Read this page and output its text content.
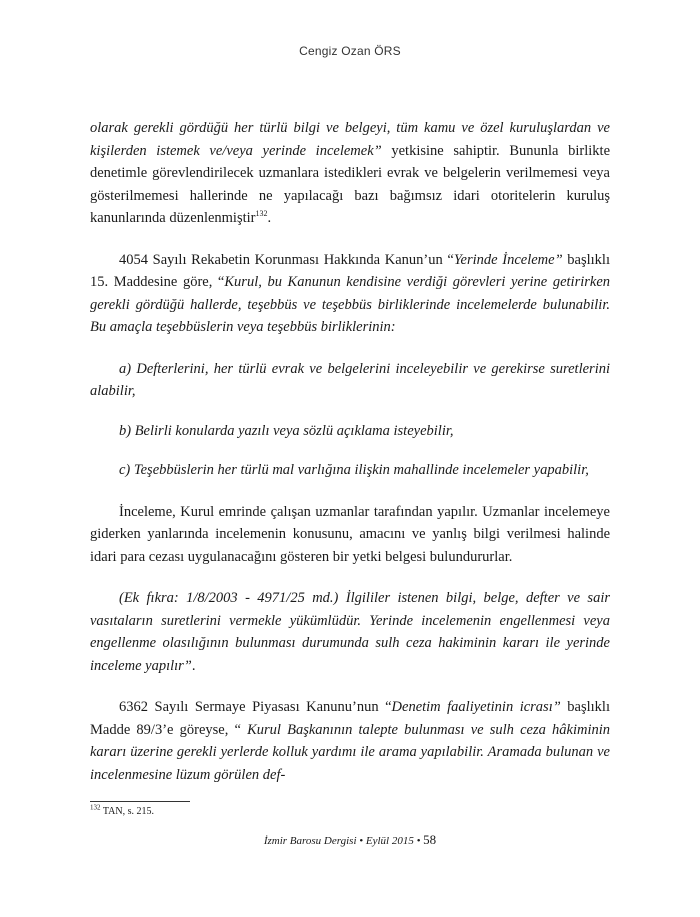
Cengiz Ozan ÖRS

olarak gerekli gördüğü her türlü bilgi ve belgeyi, tüm kamu ve özel kuruluşlardan ve kişilerden istemek ve/veya yerinde incelemek” yetkisine sahiptir. Bununla birlikte denetimle görevlendirilecek uzmanlara istedikleri evrak ve belgelerin verilmemesi veya gösterilmemesi hallerinde ne yapılacağı bazı bağımsız idari otoritelerin kuruluş kanunlarında düzenlenmiştir$^{132}$.

4054 Sayılı Rekabetin Korunması Hakkında Kanun’un “Yerinde İnceleme” başlıklı 15. Maddesine göre, “Kurul, bu Kanunun kendisine verdiği görevleri yerine getirirken gerekli gördüğü hallerde, teşebbüs ve teşebbüs birliklerinde incelemelerde bulunabilir. Bu amaçla teşebbüslerin veya teşebbüs birliklerinin:

a) Defterlerini, her türlü evrak ve belgelerini inceleyebilir ve gerekirse suretlerini alabilir,

b) Belirli konularda yazılı veya sözlü açıklama isteyebilir,

c) Teşebbüslerin her türlü mal varlığına ilişkin mahallinde incelemeler yapabilir,

İnceleme, Kurul emrinde çalışan uzmanlar tarafından yapılır. Uzmanlar incelemeye giderken yanlarında incelemenin konusunu, amacını ve yanlış bilgi verilmesi halinde idari para cezası uygulanacağını gösteren bir yetki belgesi bulundururlar.

(Ek fıkra: 1/8/2003 - 4971/25 md.) İlgililer istenen bilgi, belge, defter ve sair vasıtaların suretlerini vermekle yükümlüdür. Yerinde incelemenin engellenmesi veya engellenme olasılığının bulunması durumunda sulh ceza hakiminin kararı ile yerinde inceleme yapılır”.

6362 Sayılı Sermaye Piyasası Kanunu’nun “Denetim faaliyetinin icrası” başlıklı Madde 89/3’e göreyse, “ Kurul Başkanının talepte bulunması ve sulh ceza hâkiminin kararı üzerine gerekli yerlerde kolluk yardımı ile arama yapılabilir. Aramada bulunan ve incelenmesine lüzum görülen def-

$^{132}$ TAN, s. 215.
İzmir Barosu Dergisi • Eylül 2015 • 58
